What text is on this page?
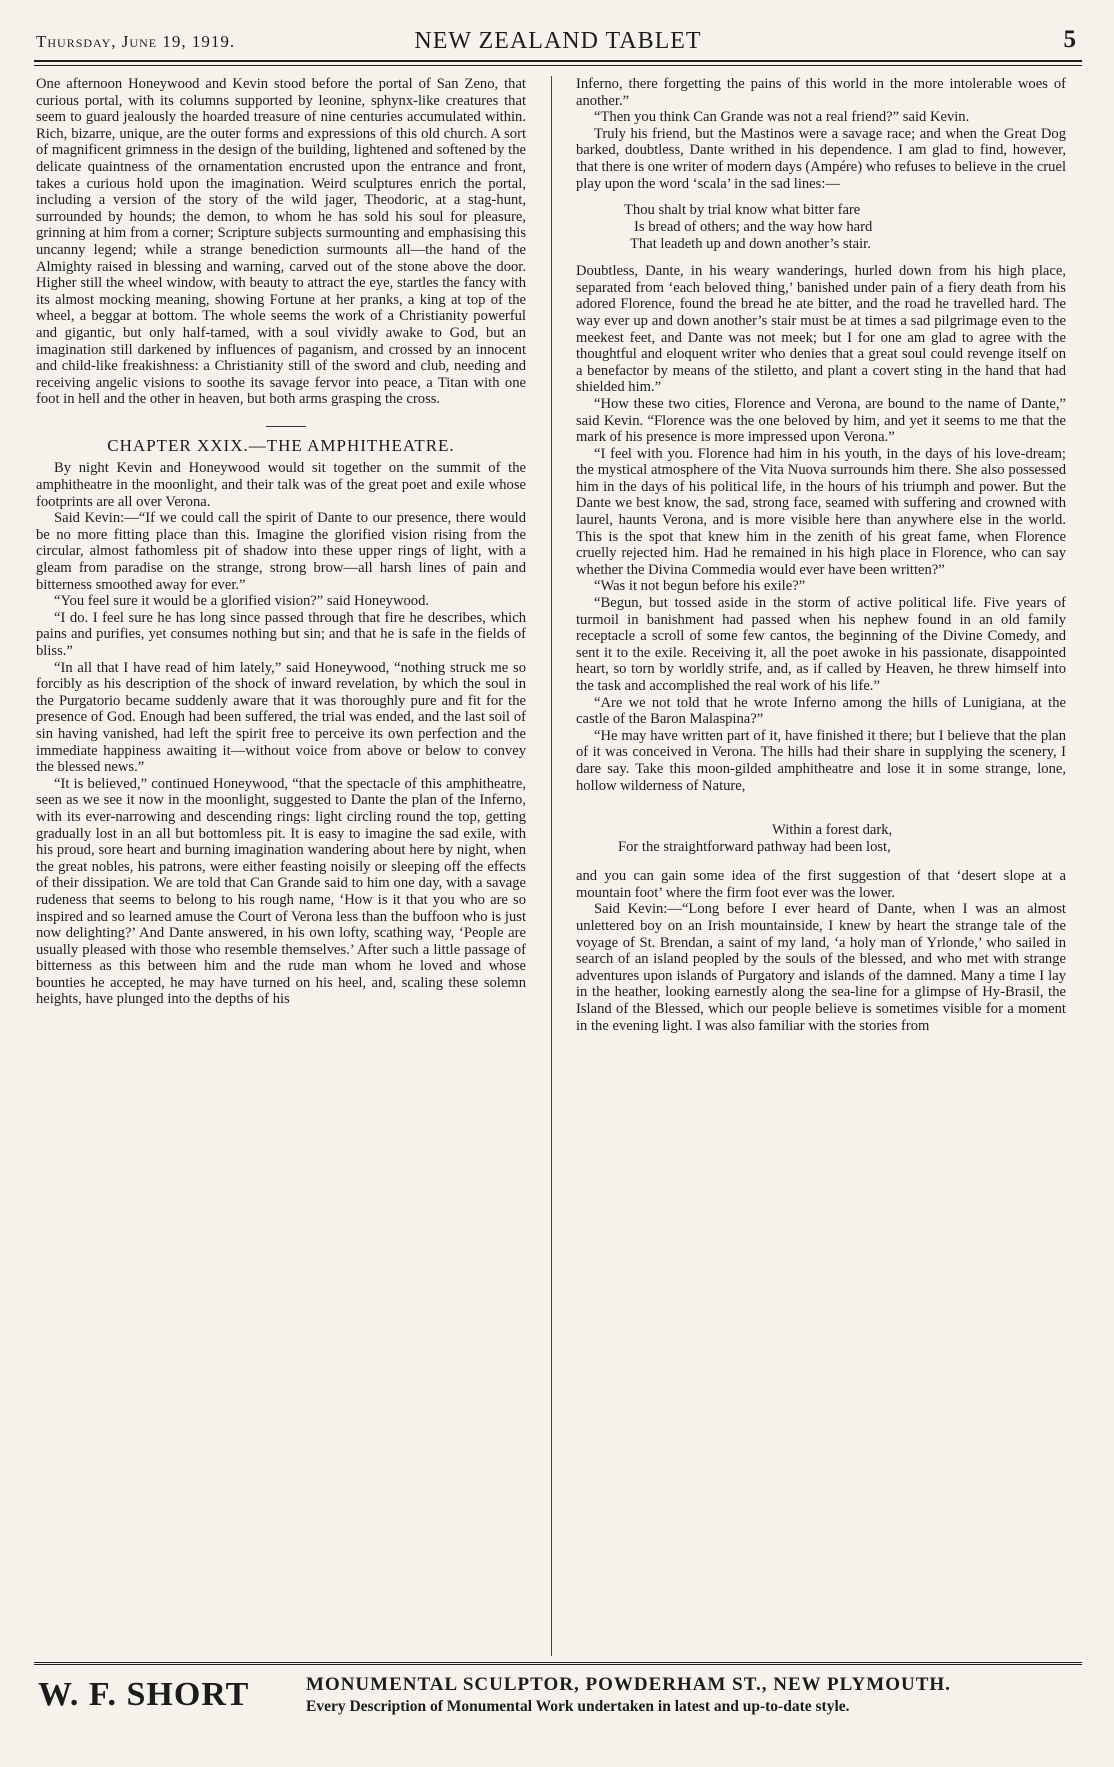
Thursday, June 19, 1919.	NEW ZEALAND TABLET	5

One afternoon Honeywood and Kevin stood before the portal of San Zeno, that curious portal, with its columns supported by leonine, sphynx-like creatures that seem to guard jealously the hoarded treasure of nine centuries accumulated within. Rich, bizarre, unique, are the outer forms and expressions of this old church. A sort of magnificent grimness in the design of the building, lightened and softened by the delicate quaintness of the ornamentation encrusted upon the entrance and front, takes a curious hold upon the imagination. Weird sculptures enrich the portal, including a version of the story of the wild jager, Theodoric, at a stag-hunt, surrounded by hounds; the demon, to whom he has sold his soul for pleasure, grinning at him from a corner; Scripture subjects surmounting and emphasising this uncanny legend; while a strange benediction surmounts all—the hand of the Almighty raised in blessing and warning, carved out of the stone above the door. Higher still the wheel window, with beauty to attract the eye, startles the fancy with its almost mocking meaning, showing Fortune at her pranks, a king at top of the wheel, a beggar at bottom. The whole seems the work of a Christianity powerful and gigantic, but only half-tamed, with a soul vividly awake to God, but an imagination still darkened by influences of paganism, and crossed by an innocent and child-like freakishness: a Christianity still of the sword and club, needing and receiving angelic visions to soothe its savage fervor into peace, a Titan with one foot in hell and the other in heaven, but both arms grasping the cross.

CHAPTER XXIX.—THE AMPHITHEATRE.

By night Kevin and Honeywood would sit together on the summit of the amphitheatre in the moonlight, and their talk was of the great poet and exile whose footprints are all over Verona.

Said Kevin:—“If we could call the spirit of Dante to our presence, there would be no more fitting place than this. Imagine the glorified vision rising from the circular, almost fathomless pit of shadow into these upper rings of light, with a gleam from paradise on the strange, strong brow—all harsh lines of pain and bitterness smoothed away for ever.”

“You feel sure it would be a glorified vision?” said Honeywood.

“I do. I feel sure he has long since passed through that fire he describes, which pains and purifies, yet consumes nothing but sin; and that he is safe in the fields of bliss.”

“In all that I have read of him lately,” said Honeywood, “nothing struck me so forcibly as his description of the shock of inward revelation, by which the soul in the Purgatorio became suddenly aware that it was thoroughly pure and fit for the presence of God. Enough had been suffered, the trial was ended, and the last soil of sin having vanished, had left the spirit free to perceive its own perfection and the immediate happiness awaiting it—without voice from above or below to convey the blessed news.”

“It is believed,” continued Honeywood, “that the spectacle of this amphitheatre, seen as we see it now in the moonlight, suggested to Dante the plan of the Inferno, with its ever-narrowing and descending rings: light circling round the top, getting gradually lost in an all but bottomless pit. It is easy to imagine the sad exile, with his proud, sore heart and burning imagination wandering about here by night, when the great nobles, his patrons, were either feasting noisily or sleeping off the effects of their dissipation. We are told that Can Grande said to him one day, with a savage rudeness that seems to belong to his rough name, ‘How is it that you who are so inspired and so learned amuse the Court of Verona less than the buffoon who is just now delighting?’ And Dante answered, in his own lofty, scathing way, ‘People are usually pleased with those who resemble themselves.’ After such a little passage of bitterness as this between him and the rude man whom he loved and whose bounties he accepted, he may have turned on his heel, and, scaling these solemn heights, have plunged into the depths of his

Inferno, there forgetting the pains of this world in the more intolerable woes of another.”

“Then you think Can Grande was not a real friend?” said Kevin.

Truly his friend, but the Mastinos were a savage race; and when the Great Dog barked, doubtless, Dante writhed in his dependence. I am glad to find, however, that there is one writer of modern days (Ampére) who refuses to believe in the cruel play upon the word ‘scala’ in the sad lines:—

Thou shalt by trial know what bitter fare
Is bread of others; and the way how hard
That leadeth up and down another’s stair.

Doubtless, Dante, in his weary wanderings, hurled down from his high place, separated from ‘each beloved thing,’ banished under pain of a fiery death from his adored Florence, found the bread he ate bitter, and the road he travelled hard. The way ever up and down another’s stair must be at times a sad pilgrimage even to the meekest feet, and Dante was not meek; but I for one am glad to agree with the thoughtful and eloquent writer who denies that a great soul could revenge itself on a benefactor by means of the stiletto, and plant a covert sting in the hand that had shielded him.”

“How these two cities, Florence and Verona, are bound to the name of Dante,” said Kevin. “Florence was the one beloved by him, and yet it seems to me that the mark of his presence is more impressed upon Verona.”

“I feel with you. Florence had him in his youth, in the days of his love-dream; the mystical atmosphere of the Vita Nuova surrounds him there. She also possessed him in the days of his political life, in the hours of his triumph and power. But the Dante we best know, the sad, strong face, seamed with suffering and crowned with laurel, haunts Verona, and is more visible here than anywhere else in the world. This is the spot that knew him in the zenith of his great fame, when Florence cruelly rejected him. Had he remained in his high place in Florence, who can say whether the Divina Commedia would ever have been written?”

“Was it not begun before his exile?”

“Begun, but tossed aside in the storm of active political life. Five years of turmoil in banishment had passed when his nephew found in an old family receptacle a scroll of some few cantos, the beginning of the Divine Comedy, and sent it to the exile. Receiving it, all the poet awoke in his passionate, disappointed heart, so torn by worldly strife, and, as if called by Heaven, he threw himself into the task and accomplished the real work of his life.”

“Are we not told that he wrote Inferno among the hills of Lunigiana, at the castle of the Baron Malaspina?”

“He may have written part of it, have finished it there; but I believe that the plan of it was conceived in Verona. The hills had their share in supplying the scenery, I dare say. Take this moon-gilded amphitheatre and lose it in some strange, lone, hollow wilderness of Nature,

Within a forest dark,
For the straightforward pathway had been lost,

and you can gain some idea of the first suggestion of that ‘desert slope at a mountain foot’ where the firm foot ever was the lower.

Said Kevin:—“Long before I ever heard of Dante, when I was an almost unlettered boy on an Irish mountainside, I knew by heart the strange tale of the voyage of St. Brendan, a saint of my land, ‘a holy man of Yrlonde,’ who sailed in search of an island peopled by the souls of the blessed, and who met with strange adventures upon islands of Purgatory and islands of the damned. Many a time I lay in the heather, looking earnestly along the sea-line for a glimpse of Hy-Brasil, the Island of the Blessed, which our people believe is sometimes visible for a moment in the evening light. I was also familiar with the stories from

W. F. SHORT	MONUMENTAL SCULPTOR, POWDERHAM ST., NEW PLYMOUTH.
Every Description of Monumental Work undertaken in latest and up-to-date style.
